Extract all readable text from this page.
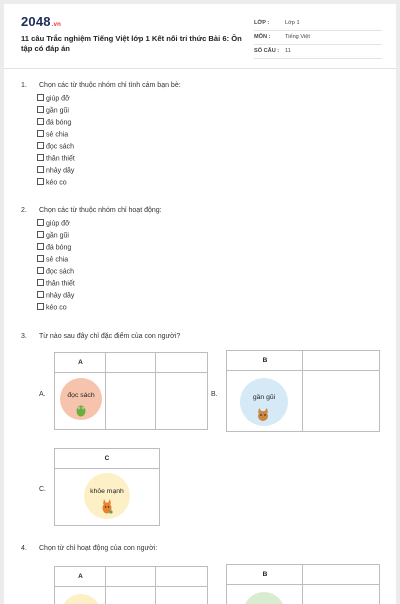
2048.vn
11 câu Trắc nghiệm Tiếng Việt lớp 1 Kết nối tri thức Bài 6: Ôn tập có đáp án
LỚP :	Lớp 1
MÔN :	Tiếng Việt
SỐ CÂU : 11
1. Chọn các từ thuộc nhóm chỉ tình cảm bạn bè:
giúp đỡ
gần gũi
đá bóng
sẻ chia
đọc sách
thân thiết
nhảy dây
kéo co
2. Chọn các từ thuộc nhóm chỉ hoạt động:
giúp đỡ
gần gũi
đá bóng
sẻ chia
đọc sách
thân thiết
nhảy dây
kéo co
3. Từ nào sau đây chỉ đặc điểm của con người?
A.
A
đọc sách	B.
B
gần gũi
C.
C
khỏe mạnh
4. Chọn từ chỉ hoạt động của con người:
A	B
